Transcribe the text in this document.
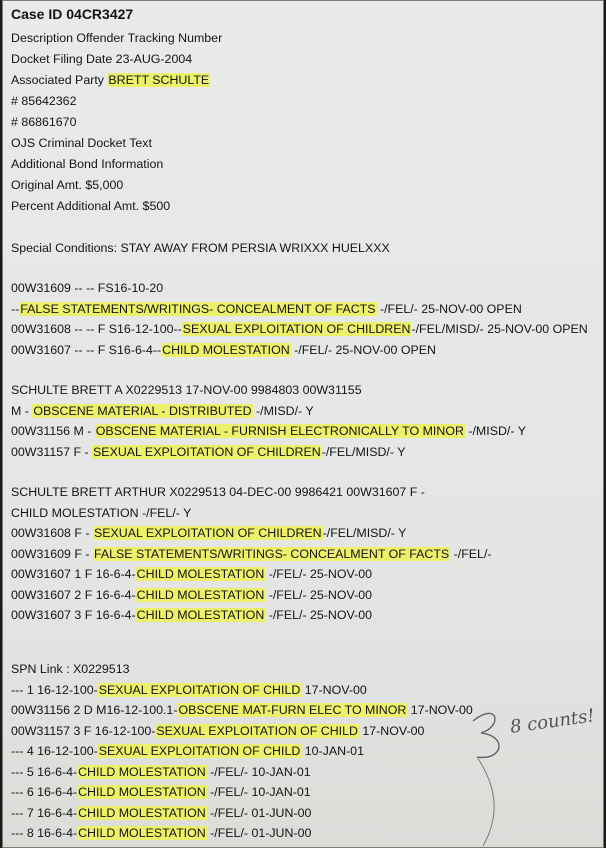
Case ID 04CR3427
Description Offender Tracking Number
Docket Filing Date 23-AUG-2004
Associated Party BRETT SCHULTE
# 85642362
# 86861670
OJS Criminal Docket Text
Additional Bond Information
Original Amt. $5,000
Percent Additional Amt. $500
Special Conditions: STAY AWAY FROM PERSIA WRIXXX HUELXXX
00W31609 -- -- FS16-10-20
--FALSE STATEMENTS/WRITINGS- CONCEALMENT OF FACTS -/FEL/- 25-NOV-00 OPEN
00W31608 -- -- F S16-12-100--SEXUAL EXPLOITATION OF CHILDREN-/FEL/MISD/- 25-NOV-00 OPEN
00W31607 -- -- F S16-6-4--CHILD MOLESTATION -/FEL/- 25-NOV-00 OPEN
SCHULTE BRETT A X0229513 17-NOV-00 9984803 00W31155
M - OBSCENE MATERIAL - DISTRIBUTED -/MISD/- Y
00W31156 M - OBSCENE MATERIAL - FURNISH ELECTRONICALLY TO MINOR -/MISD/- Y
00W31157 F - SEXUAL EXPLOITATION OF CHILDREN-/FEL/MISD/- Y
SCHULTE BRETT ARTHUR X0229513 04-DEC-00 9986421 00W31607 F -
CHILD MOLESTATION -/FEL/- Y
00W31608 F - SEXUAL EXPLOITATION OF CHILDREN-/FEL/MISD/- Y
00W31609 F - FALSE STATEMENTS/WRITINGS- CONCEALMENT OF FACTS -/FEL/-
00W31607 1 F 16-6-4-CHILD MOLESTATION -/FEL/- 25-NOV-00
00W31607 2 F 16-6-4-CHILD MOLESTATION -/FEL/- 25-NOV-00
00W31607 3 F 16-6-4-CHILD MOLESTATION -/FEL/- 25-NOV-00
SPN Link : X0229513
--- 1 16-12-100-SEXUAL EXPLOITATION OF CHILD 17-NOV-00
00W31156 2 D M16-12-100.1-OBSCENE MAT-FURN ELEC TO MINOR 17-NOV-00
00W31157 3 F 16-12-100-SEXUAL EXPLOITATION OF CHILD 17-NOV-00
--- 4 16-12-100-SEXUAL EXPLOITATION OF CHILD 10-JAN-01
--- 5 16-6-4-CHILD MOLESTATION -/FEL/- 10-JAN-01
--- 6 16-6-4-CHILD MOLESTATION -/FEL/- 10-JAN-01
--- 7 16-6-4-CHILD MOLESTATION -/FEL/- 01-JUN-00
--- 8 16-6-4-CHILD MOLESTATION -/FEL/- 01-JUN-00
8 counts!
